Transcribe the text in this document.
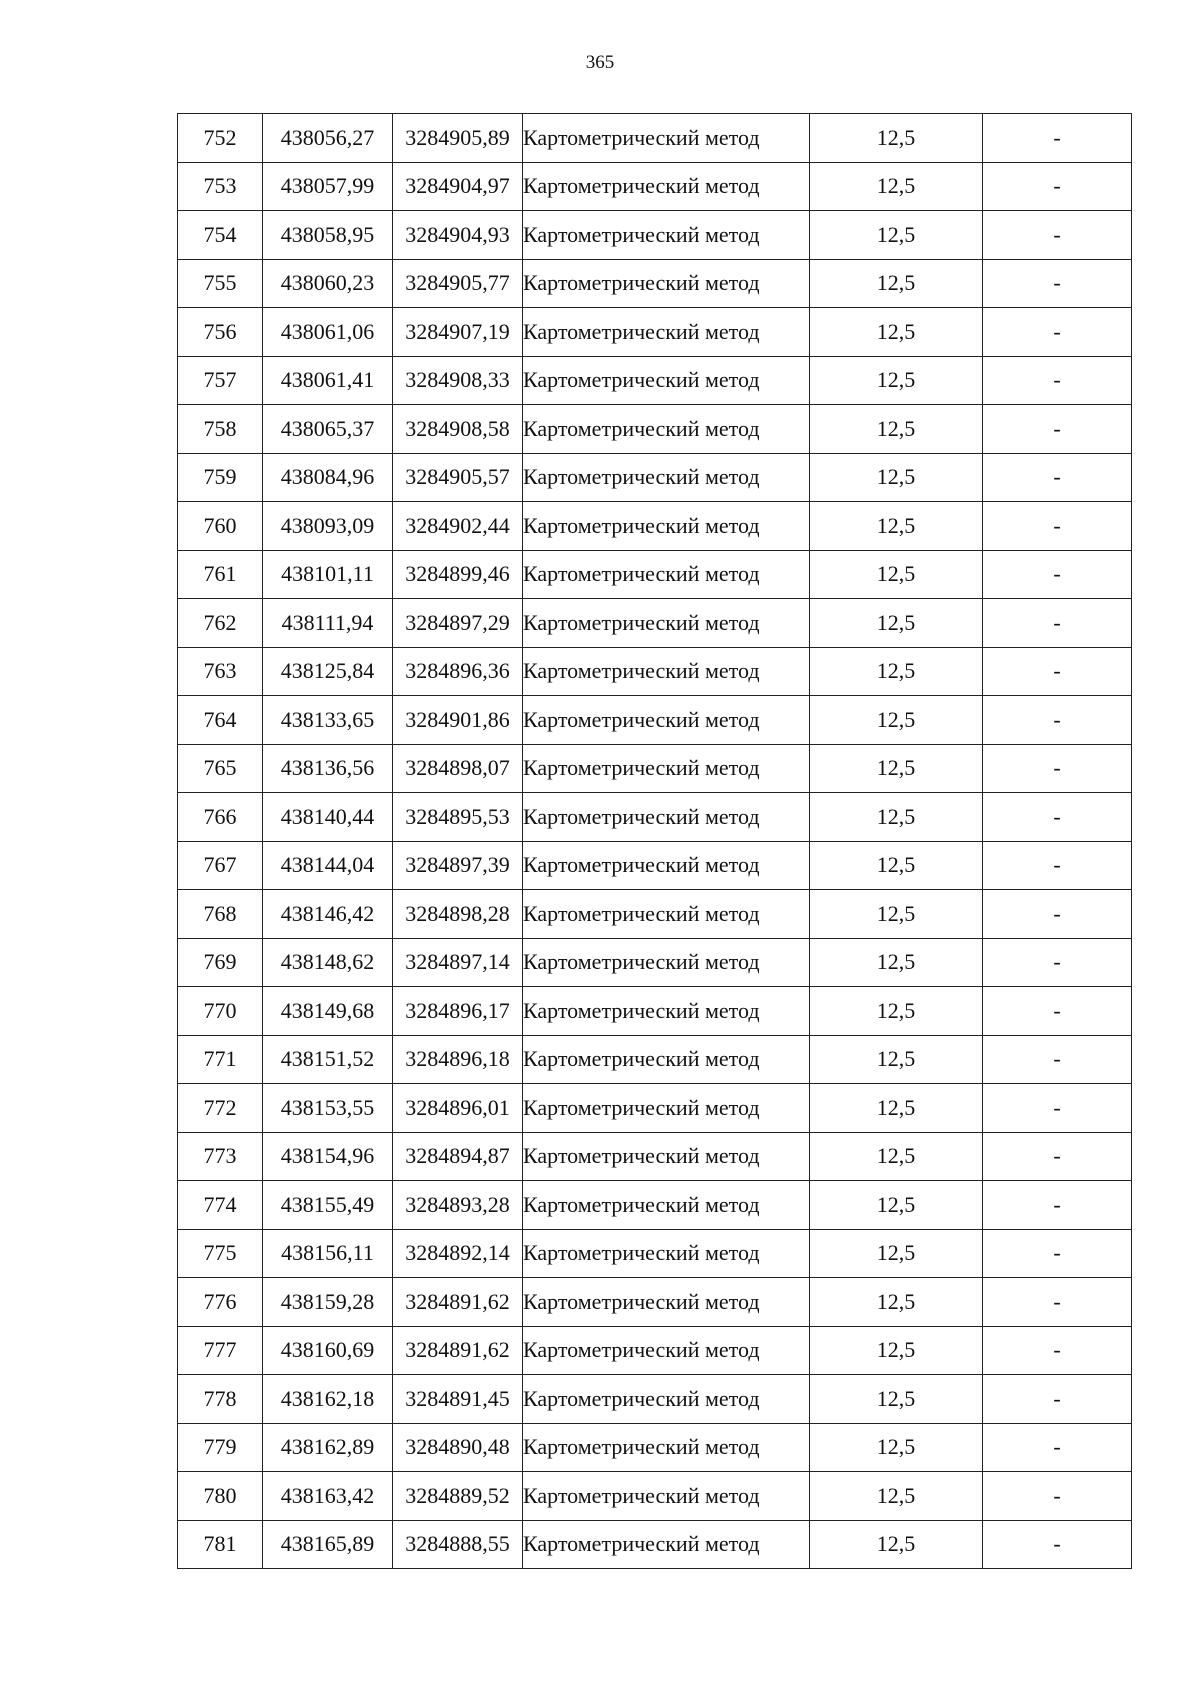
365
752	438056,27	3284905,89	Картометрический метод	12,5	-
753	438057,99	3284904,97	Картометрический метод	12,5	-
754	438058,95	3284904,93	Картометрический метод	12,5	-
755	438060,23	3284905,77	Картометрический метод	12,5	-
756	438061,06	3284907,19	Картометрический метод	12,5	-
757	438061,41	3284908,33	Картометрический метод	12,5	-
758	438065,37	3284908,58	Картометрический метод	12,5	-
759	438084,96	3284905,57	Картометрический метод	12,5	-
760	438093,09	3284902,44	Картометрический метод	12,5	-
761	438101,11	3284899,46	Картометрический метод	12,5	-
762	438111,94	3284897,29	Картометрический метод	12,5	-
763	438125,84	3284896,36	Картометрический метод	12,5	-
764	438133,65	3284901,86	Картометрический метод	12,5	-
765	438136,56	3284898,07	Картометрический метод	12,5	-
766	438140,44	3284895,53	Картометрический метод	12,5	-
767	438144,04	3284897,39	Картометрический метод	12,5	-
768	438146,42	3284898,28	Картометрический метод	12,5	-
769	438148,62	3284897,14	Картометрический метод	12,5	-
770	438149,68	3284896,17	Картометрический метод	12,5	-
771	438151,52	3284896,18	Картометрический метод	12,5	-
772	438153,55	3284896,01	Картометрический метод	12,5	-
773	438154,96	3284894,87	Картометрический метод	12,5	-
774	438155,49	3284893,28	Картометрический метод	12,5	-
775	438156,11	3284892,14	Картометрический метод	12,5	-
776	438159,28	3284891,62	Картометрический метод	12,5	-
777	438160,69	3284891,62	Картометрический метод	12,5	-
778	438162,18	3284891,45	Картометрический метод	12,5	-
779	438162,89	3284890,48	Картометрический метод	12,5	-
780	438163,42	3284889,52	Картометрический метод	12,5	-
781	438165,89	3284888,55	Картометрический метод	12,5	-
